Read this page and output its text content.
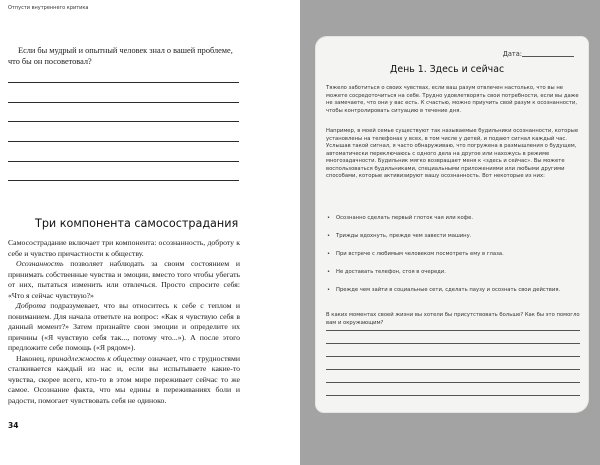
Отпусти внутреннего критика

Если бы мудрый и опытный человек знал о вашей проблеме, что бы он посоветовал?

Три компонента самосострадания

Самосострадание включает три компонента: осознанность, доброту к себе и чувство причастности к обществу.

Осознанность позволяет наблюдать за своим состоянием и принимать собственные чувства и эмоции, вместо того чтобы убегать от них, пытаться изменить или отвлечься. Просто спросите себя: «Что я сейчас чувствую?»

Доброта подразумевает, что вы относитесь к себе с теплом и пониманием. Для начала ответьте на вопрос: «Как я чувствую себя в данный момент?» Затем признайте свои эмоции и определите их причины («Я чувствую себя так..., потому что...»). А после этого предложите себе помощь («Я рядом»).

Наконец, принадлежность к обществу означает, что с трудностями сталкивается каждый из нас и, если вы испытываете какие-то чувства, скорее всего, кто-то в этом мире переживает сейчас то же самое. Осознание факта, что мы едины в переживаниях боли и радости, помогает чувствовать себя не одиноко.

34
Дата:
День 1. Здесь и сейчас

Тяжело заботиться о своих чувствах, если ваш разум отвлечен настолько, что вы не можете сосредоточиться на себе. Трудно удовлетворять свои потребности, если вы даже не замечаете, что они у вас есть. К счастью, можно приучить свой разум к осознанности, чтобы контролировать ситуацию в течение дня.

Например, в моей семье существуют так называемые будильники осознанности, которые установлены на телефонах у всех, в том числе у детей, и подают сигнал каждый час. Услышав такой сигнал, я часто обнаруживаю, что погружена в размышления о будущем, автоматически переключаюсь с одного дела на другое или нахожусь в режиме многозадачности. Будильник мягко возвращает меня к «здесь и сейчас». Вы можете воспользоваться будильниками, специальными приложениями или любыми другими способами, которые активизируют вашу осознанность. Вот некоторые из них:

• Осознанно сделать первый глоток чая или кофе.
• Трижды вдохнуть, прежде чем завести машину.
• При встрече с любимым человеком посмотреть ему в глаза.
• Не доставать телефон, стоя в очереди.
• Прежде чем зайти в социальные сети, сделать паузу и осознать свои действия.

В каких моментах своей жизни вы хотели бы присутствовать больше? Как бы это помогло вам и окружающим?
